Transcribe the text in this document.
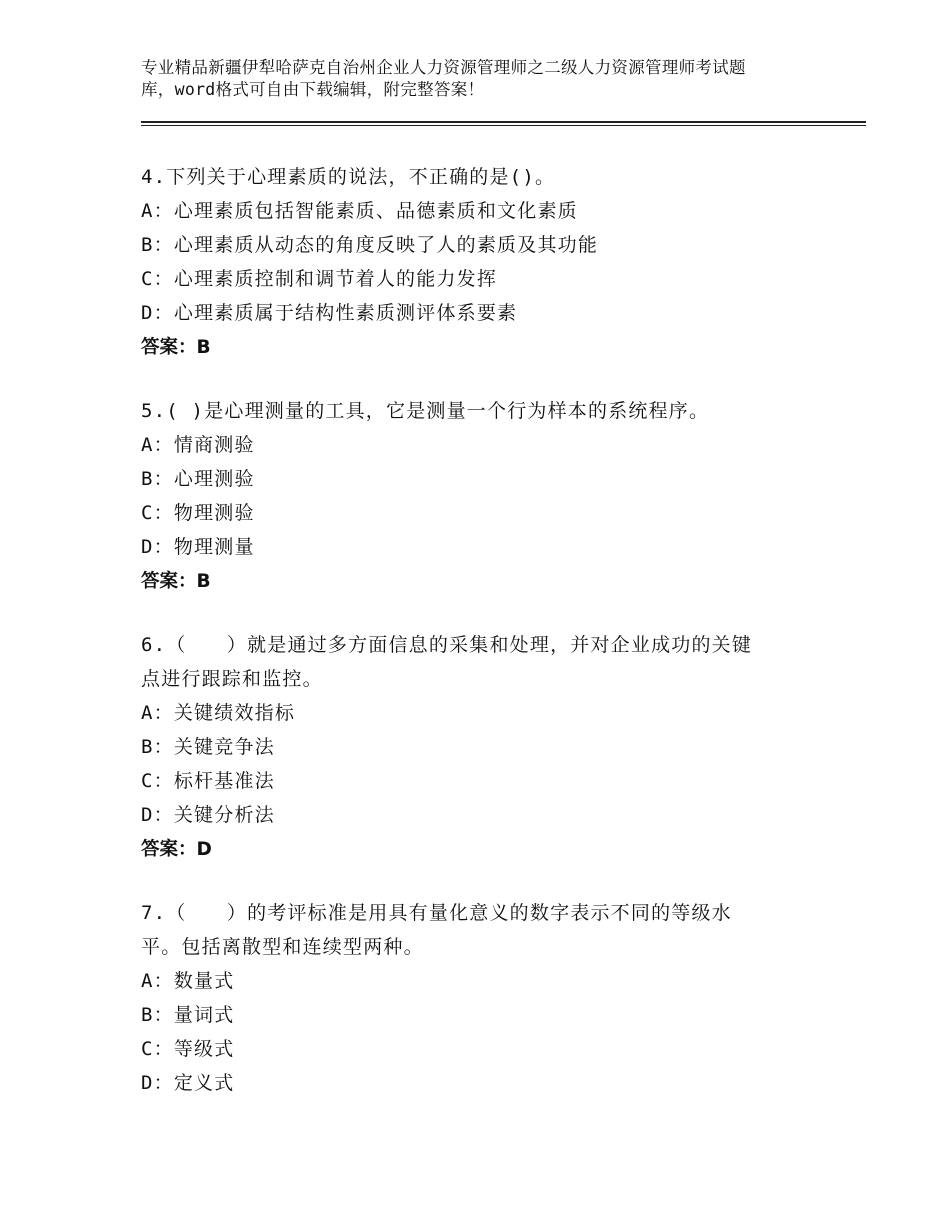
专业精品新疆伊犁哈萨克自治州企业人力资源管理师之二级人力资源管理师考试题
库，word格式可自由下载编辑，附完整答案！

4.下列关于心理素质的说法，不正确的是()。

A：心理素质包括智能素质、品德素质和文化素质

B：心理素质从动态的角度反映了人的素质及其功能

C：心理素质控制和调节着人的能力发挥

D：心理素质属于结构性素质测评体系要素

答案：B

5.( )是心理测量的工具，它是测量一个行为样本的系统程序。

A：情商测验

B：心理测验

C：物理测验

D：物理测量

答案：B

6.（　　）就是通过多方面信息的采集和处理，并对企业成功的关键

点进行跟踪和监控。

A：关键绩效指标

B：关键竞争法

C：标杆基准法

D：关键分析法

答案：D

7.（　　）的考评标准是用具有量化意义的数字表示不同的等级水

平。包括离散型和连续型两种。

A：数量式

B：量词式

C：等级式

D：定义式
